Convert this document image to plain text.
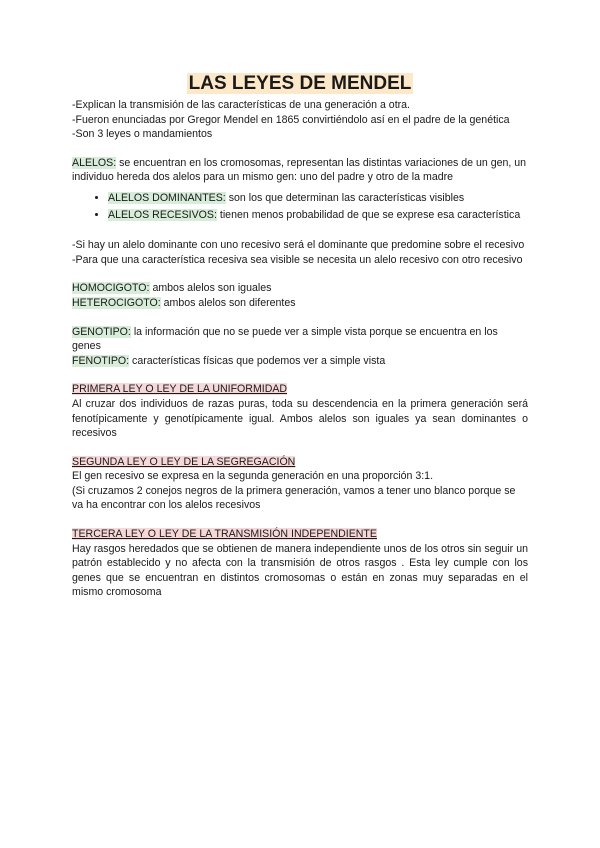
LAS LEYES DE MENDEL

-Explican la transmisión de las características de una generación a otra.

-Fueron enunciadas por Gregor Mendel en 1865 convirtiéndolo así en el padre de la genética

-Son 3 leyes o mandamientos

ALELOS: se encuentran en los cromosomas, representan las distintas variaciones de un gen, un individuo hereda dos alelos para un mismo gen: uno del padre y otro de la madre

• ALELOS DOMINANTES: son los que determinan las características visibles
• ALELOS RECESIVOS: tienen menos probabilidad de que se exprese esa característica

-Si hay un alelo dominante con uno recesivo será el dominante que predomine sobre el recesivo

-Para que una característica recesiva sea visible se necesita un alelo recesivo con otro recesivo

HOMOCIGOTO: ambos alelos son iguales

HETEROCIGOTO: ambos alelos son diferentes

GENOTIPO: la información que no se puede ver a simple vista porque se encuentra en los genes

FENOTIPO: características físicas que podemos ver a simple vista

PRIMERA LEY O LEY DE LA UNIFORMIDAD

Al cruzar dos individuos de razas puras, toda su descendencia en la primera generación será fenotípicamente y genotípicamente igual. Ambos alelos son iguales ya sean dominantes o recesivos

SEGUNDA LEY O LEY DE LA SEGREGACIÓN

El gen recesivo se expresa en la segunda generación en una proporción 3:1.

(Si cruzamos 2 conejos negros de la primera generación, vamos a tener uno blanco porque se va ha encontrar con los alelos recesivos

TERCERA LEY O LEY DE LA TRANSMISIÓN INDEPENDIENTE

Hay rasgos heredados que se obtienen de manera independiente unos de los otros sin seguir un patrón establecido y no afecta con la transmisión de otros rasgos . Esta ley cumple con los genes que se encuentran en distintos cromosomas o están en zonas muy separadas en el mismo cromosoma
